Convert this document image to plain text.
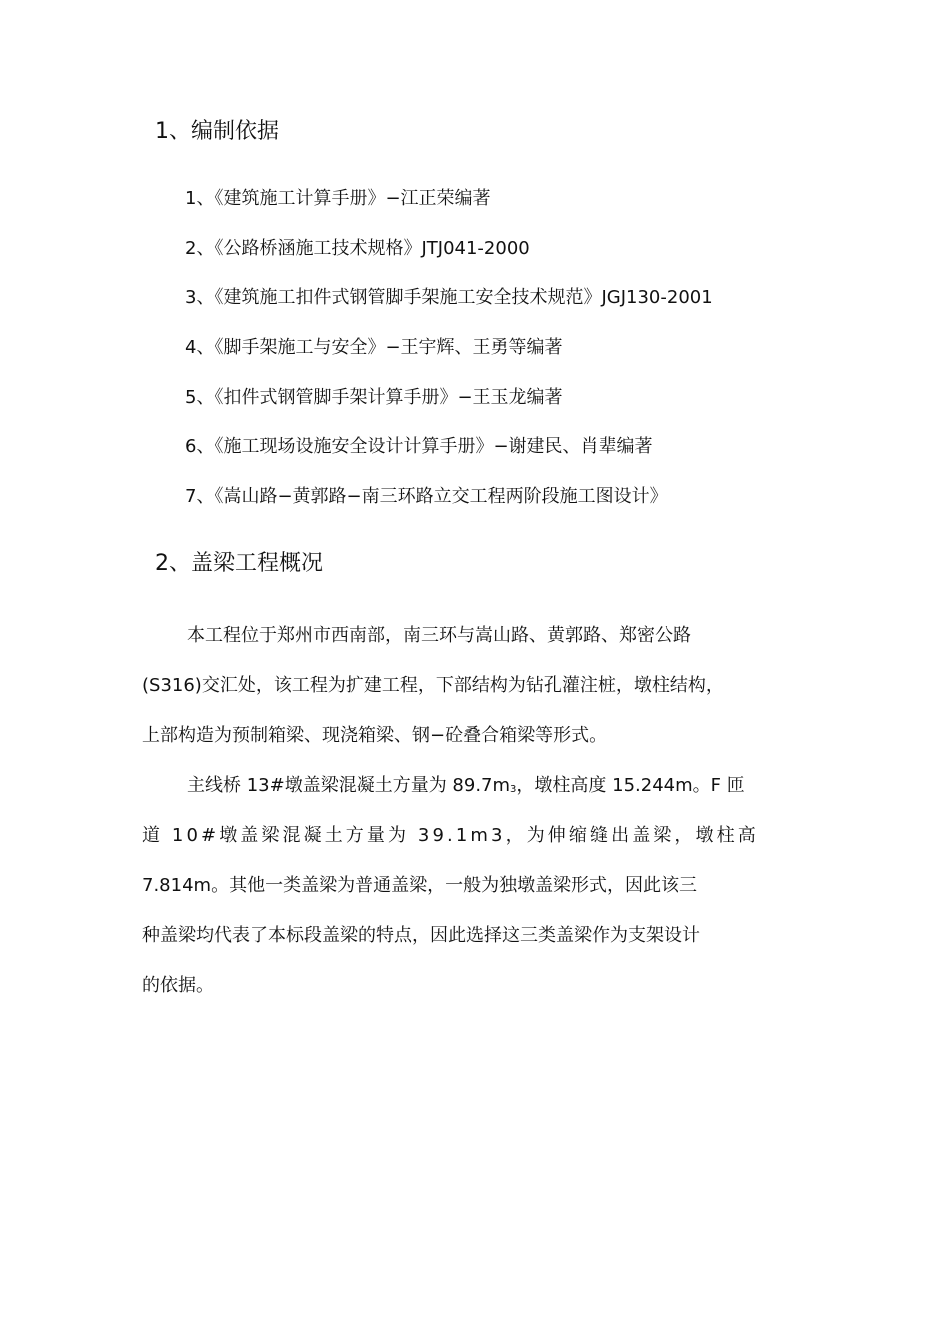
1、编制依据
1、《建筑施工计算手册》−江正荣编著
2、《公路桥涵施工技术规格》JTJ041-2000
3、《建筑施工扣件式钢管脚手架施工安全技术规范》JGJ130-2001
4、《脚手架施工与安全》−王宇辉、王勇等编著
5、《扣件式钢管脚手架计算手册》−王玉龙编著
6、《施工现场设施安全设计计算手册》−谢建民、肖辈编著
7、《嵩山路−黄郭路−南三环路立交工程两阶段施工图设计》
2、盖梁工程概况
本工程位于郑州市西南部，南三环与嵩山路、黄郭路、郑密公路
(S316)交汇处，该工程为扩建工程，下部结构为钻孔灌注桩，墩柱结构，
上部构造为预制箱梁、现浇箱梁、钢−砼叠合箱梁等形式。
主线桥 13#墩盖梁混凝土方量为 $89.7m_3$，墩柱高度 15.244m。F 匝
道 10#墩盖梁混凝土方量为 39.1m3，为伸缩缝出盖梁，墩柱高
7.814m。其他一类盖梁为普通盖梁，一般为独墩盖梁形式，因此该三
种盖梁均代表了本标段盖梁的特点，因此选择这三类盖梁作为支架设计
的依据。
